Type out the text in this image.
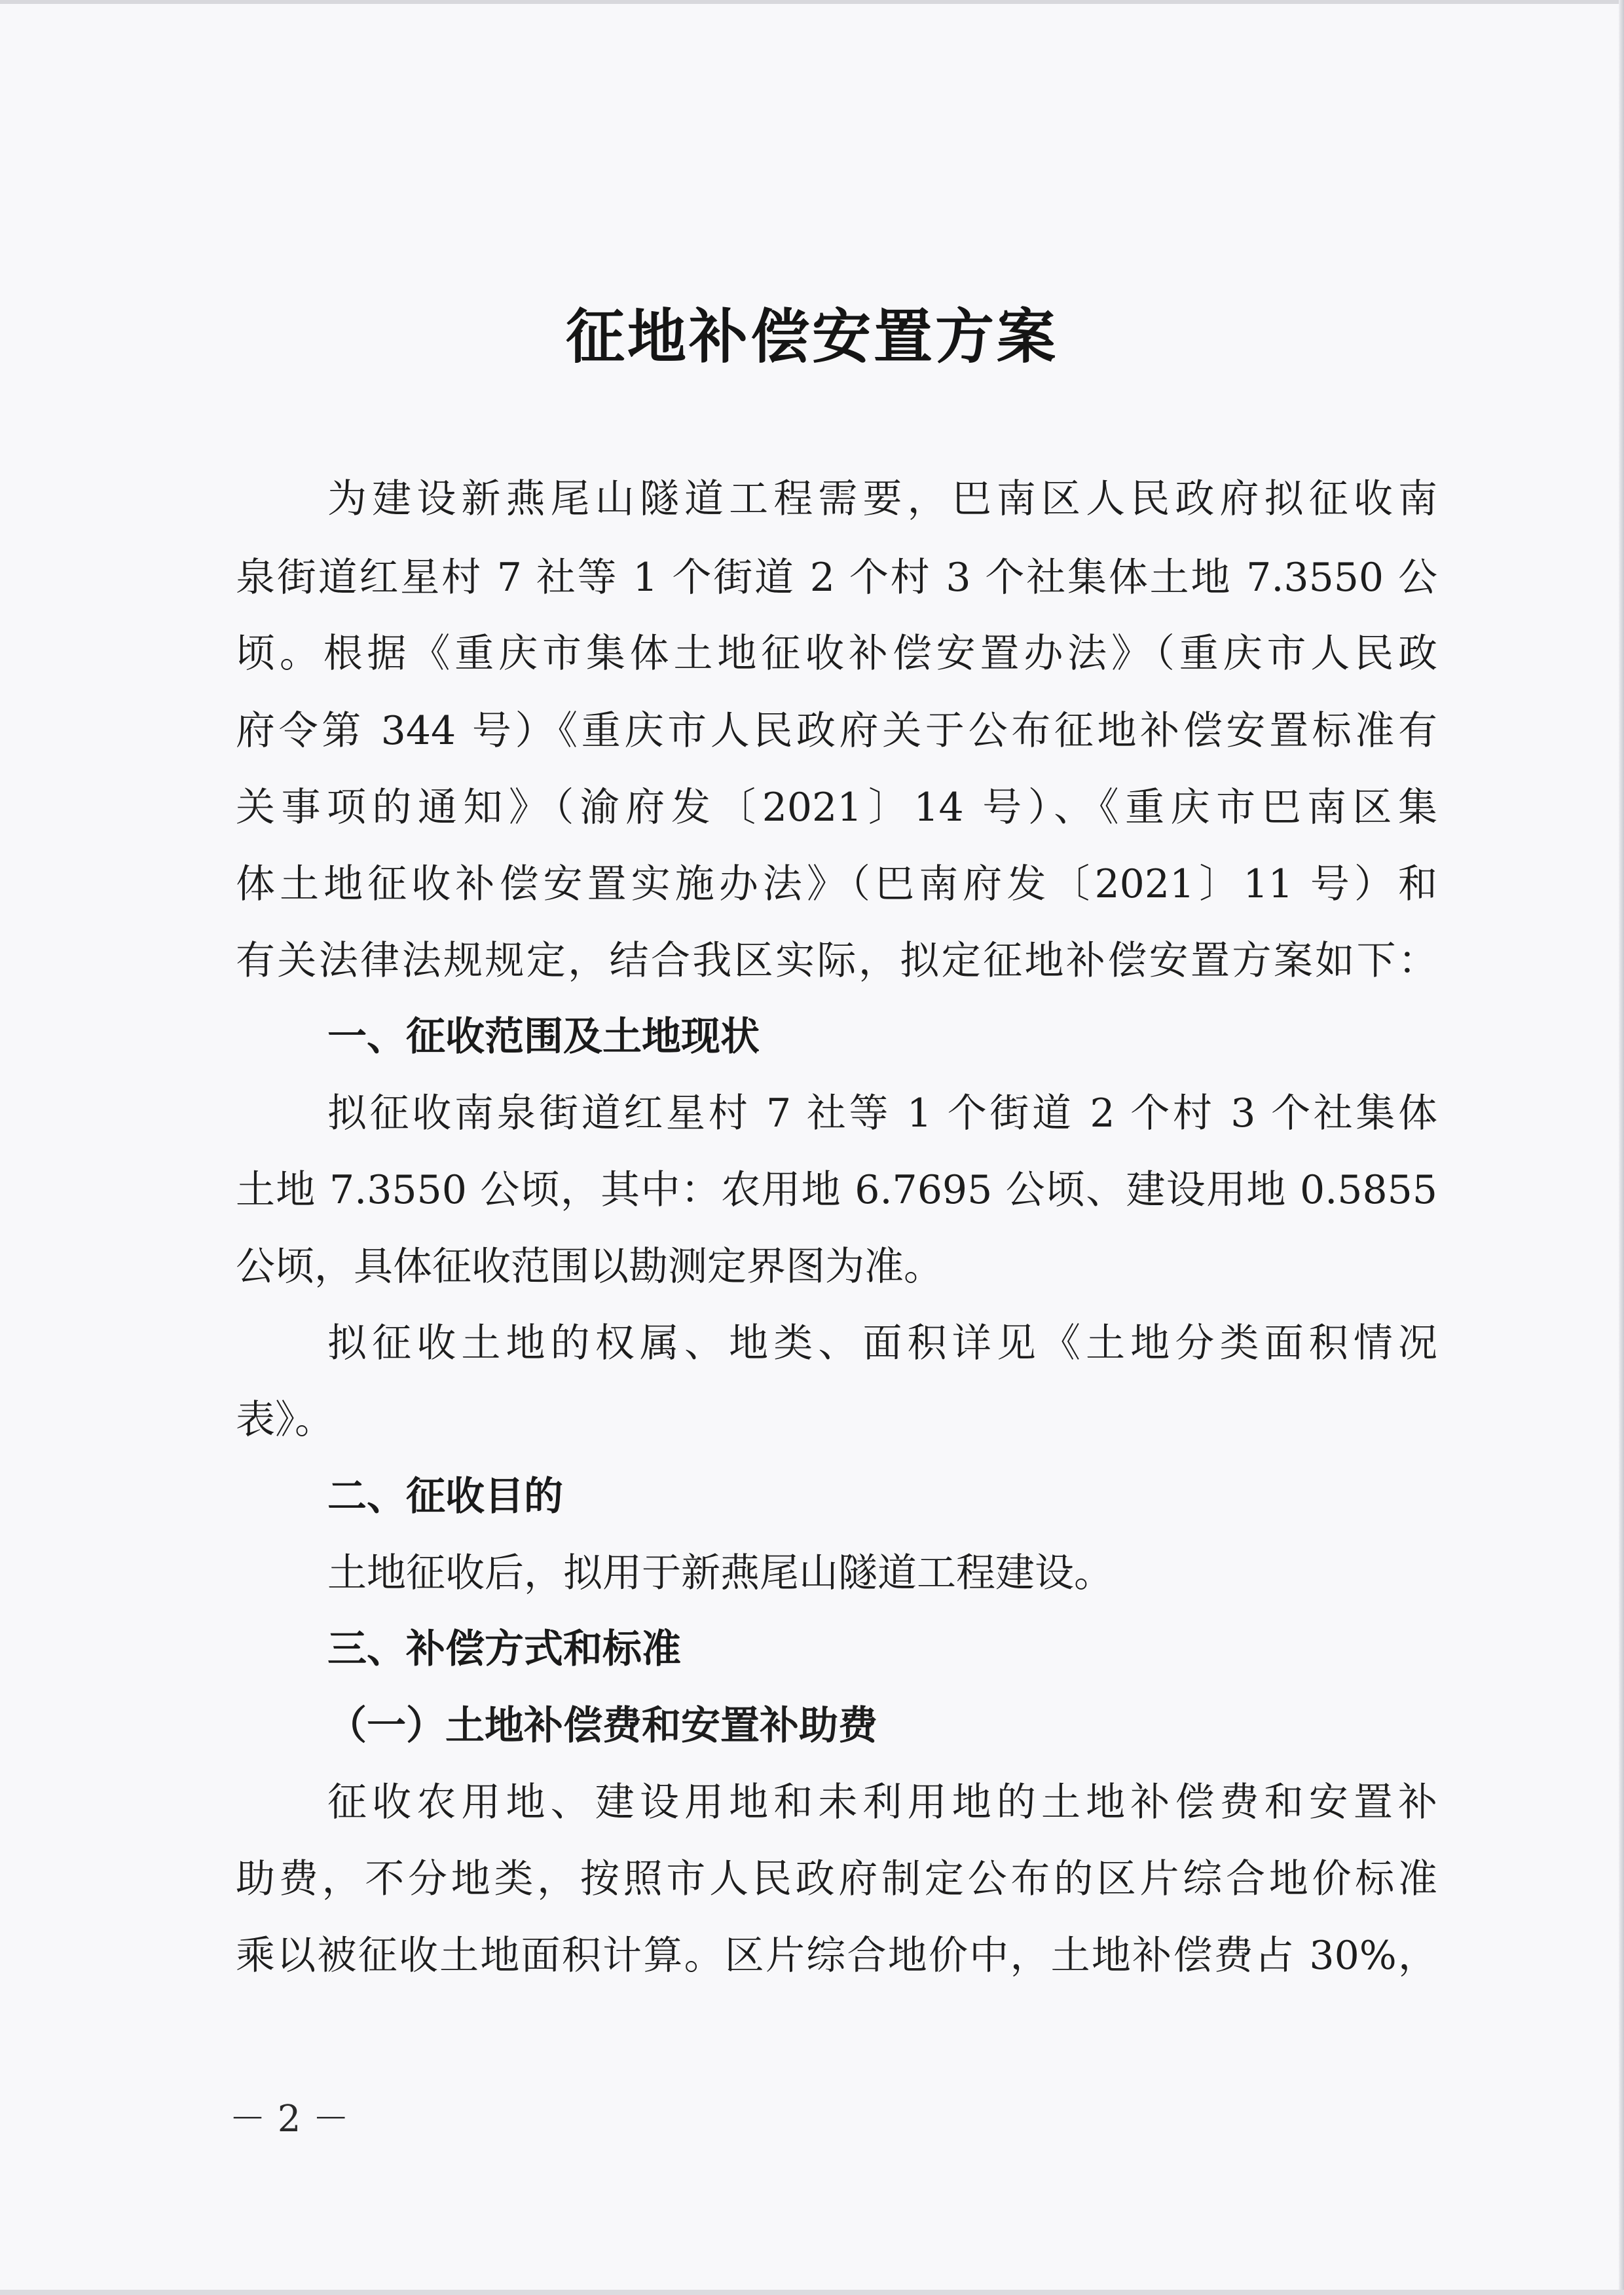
征地补偿安置方案

为建设新燕尾山隧道工程需要，巴南区人民政府拟征收南

泉街道红星村 7 社等 1 个街道 2 个村 3 个社集体土地 7.3550 公

顷。根据《重庆市集体土地征收补偿安置办法》（重庆市人民政

府令第 344 号）《重庆市人民政府关于公布征地补偿安置标准有

关事项的通知》（渝府发〔2021〕14 号）、《重庆市巴南区集

体土地征收补偿安置实施办法》（巴南府发〔2021〕11 号）和

有关法律法规规定，结合我区实际，拟定征地补偿安置方案如下：

一、征收范围及土地现状

拟征收南泉街道红星村 7 社等 1 个街道 2 个村 3 个社集体

土地 7.3550 公顷，其中：农用地 6.7695 公顷、建设用地 0.5855

公顷，具体征收范围以勘测定界图为准。

拟征收土地的权属、地类、面积详见《土地分类面积情况

表》。

二、征收目的

土地征收后，拟用于新燕尾山隧道工程建设。

三、补偿方式和标准
（一）土地补偿费和安置补助费

征收农用地、建设用地和未利用地的土地补偿费和安置补

助费，不分地类，按照市人民政府制定公布的区片综合地价标准

乘以被征收土地面积计算。区片综合地价中，土地补偿费占 30%，

－ 2 －
